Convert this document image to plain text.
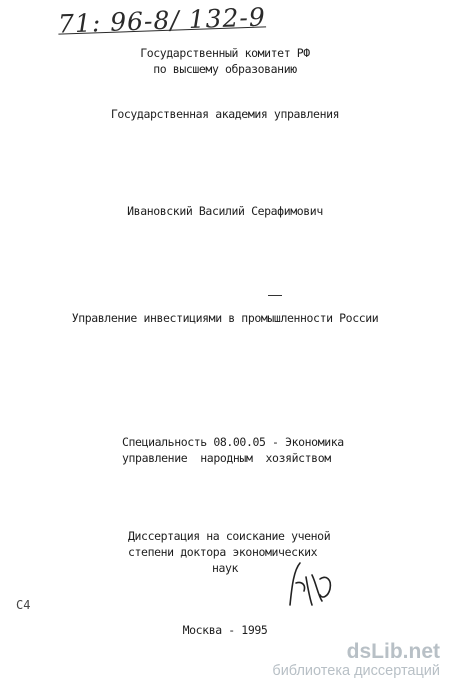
71: 96-8/ 132-9
Государственный комитет РФ
по высшему образованию
Государственная академия управления
Ивановский Василий Серафимович
Управление инвестициями в промышленности России
Специальность 08.00.05 - Экономика
управление  народным  хозяйством
Диссертация на соискание ученой
степени доктора экономических
наук
С4
Москва - 1995
dsLib.net
библиотека диссертаций
